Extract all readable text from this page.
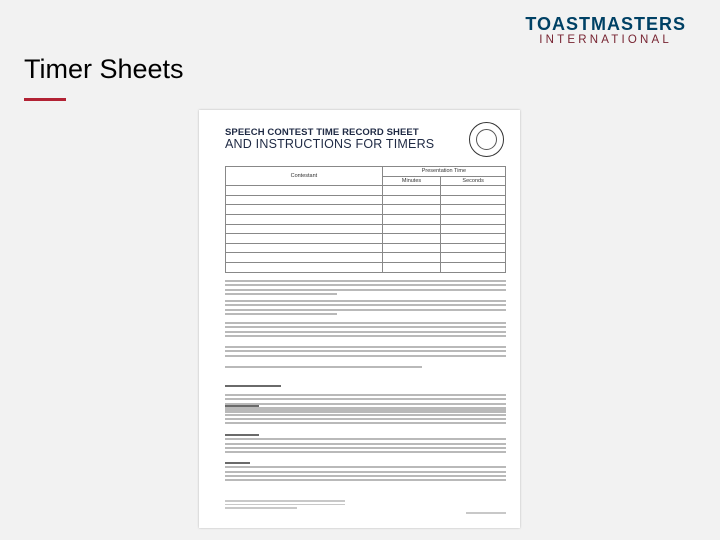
TOASTMASTERS
INTERNATIONAL
Timer Sheets
SPEECH CONTEST TIME RECORD SHEET
AND INSTRUCTIONS FOR TIMERS
Contestant	Presentation Time	
	Minutes	Seconds
